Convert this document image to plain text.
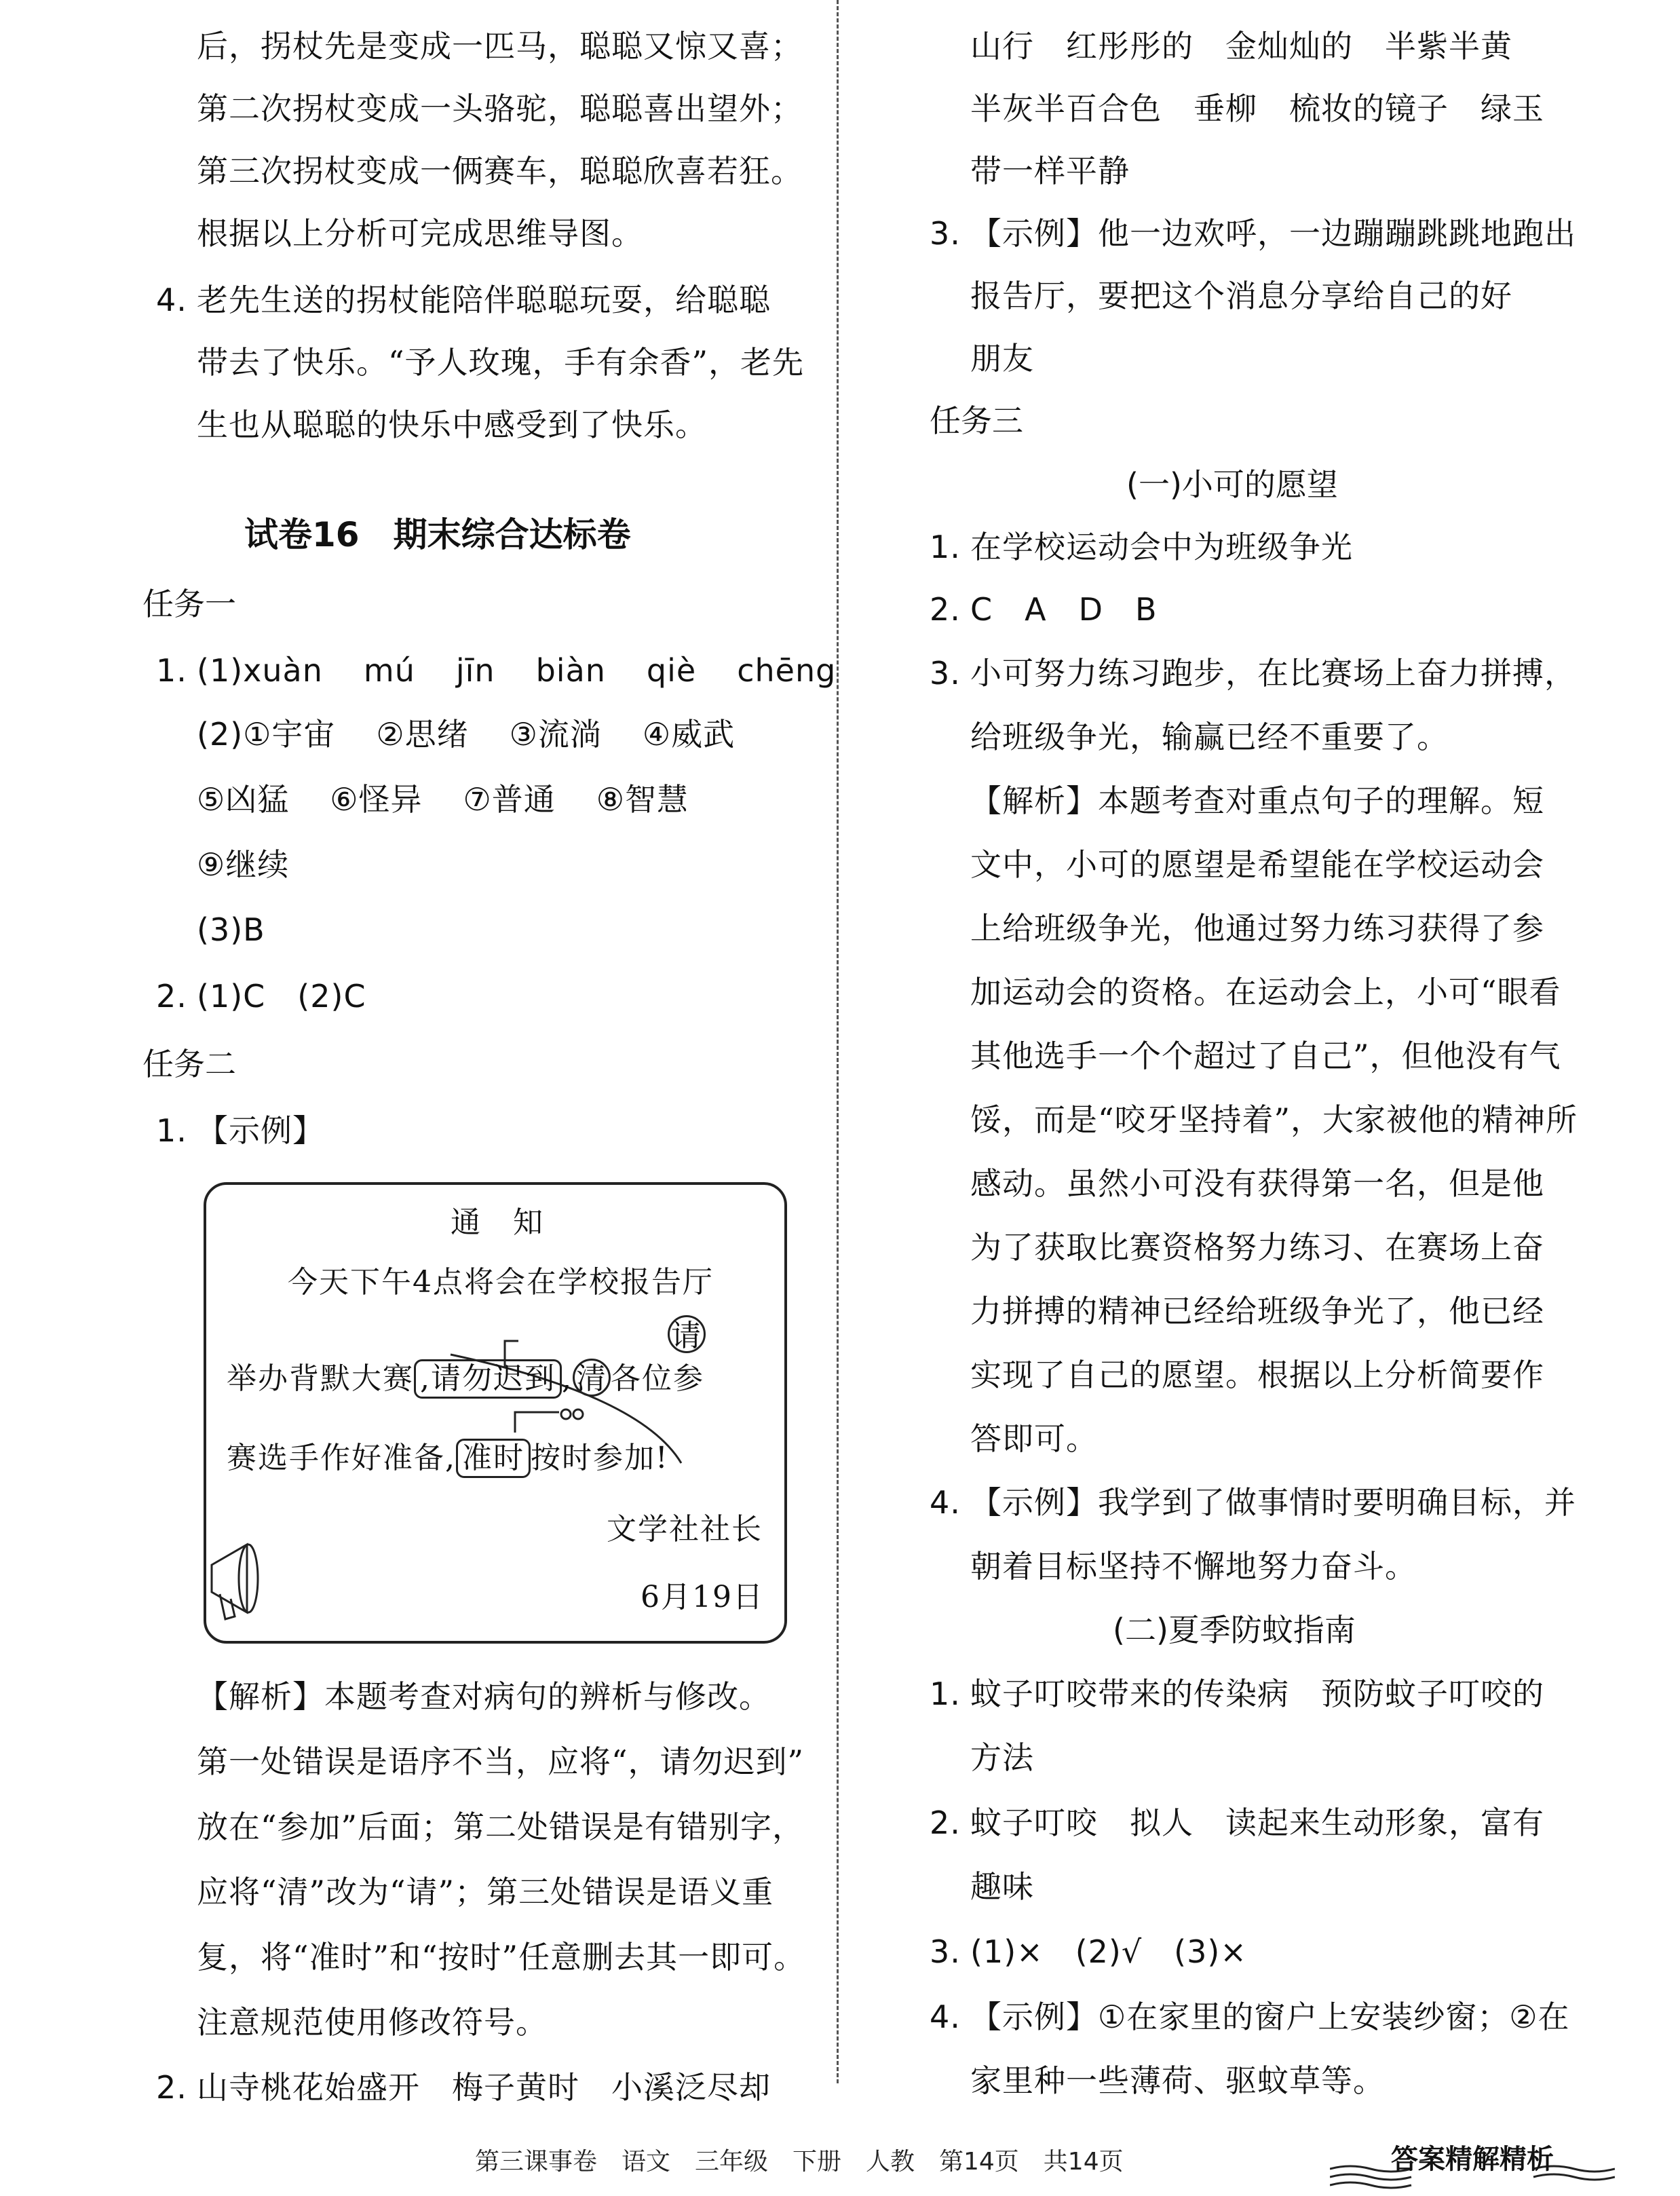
后，拐杖先是变成一匹马，聪聪又惊又喜；
第二次拐杖变成一头骆驼，聪聪喜出望外；
第三次拐杖变成一俩赛车，聪聪欣喜若狂。
根据以上分析可完成思维导图。
4. 老先生送的拐杖能陪伴聪聪玩耍，给聪聪
带去了快乐。“予人玫瑰，手有余香”，老先
生也从聪聪的快乐中感受到了快乐。
试卷16 期末综合达标卷
任务一
1. (1)xuàn mú jīn biàn qiè chēng
(2)①宇宙 ②思绪 ③流淌 ④威武
⑤凶猛 ⑥怪异 ⑦普通 ⑧智慧
⑨继续
(3)B
2. (1)C　(2)C
任务二
1. 【示例】
通　知
今天下午4点将会在学校报告厅
请
举办背默大赛 ,请勿迟到 , 清 各位参
赛选手作好准备, 准时 按时参加!
文学社社长
6月19日
【解析】本题考查对病句的辨析与修改。
第一处错误是语序不当，应将“，请勿迟到”
放在“参加”后面；第二处错误是有错别字，
应将“清”改为“请”；第三处错误是语义重
复，将“准时”和“按时”任意删去其一即可。
注意规范使用修改符号。
2. 山寺桃花始盛开　梅子黄时　小溪泛尽却
山行　红彤彤的　金灿灿的　半紫半黄
半灰半百合色　垂柳　梳妆的镜子　绿玉
带一样平静
3. 【示例】他一边欢呼，一边蹦蹦跳跳地跑出
报告厅，要把这个消息分享给自己的好
朋友
任务三
(一)小可的愿望
1. 在学校运动会中为班级争光
2. C　A　D　B
3. 小可努力练习跑步，在比赛场上奋力拼搏，
给班级争光，输赢已经不重要了。
【解析】本题考查对重点句子的理解。短
文中，小可的愿望是希望能在学校运动会
上给班级争光，他通过努力练习获得了参
加运动会的资格。在运动会上，小可“眼看
其他选手一个个超过了自己”，但他没有气
馁，而是“咬牙坚持着”，大家被他的精神所
感动。虽然小可没有获得第一名，但是他
为了获取比赛资格努力练习、在赛场上奋
力拼搏的精神已经给班级争光了，他已经
实现了自己的愿望。根据以上分析简要作
答即可。
4. 【示例】我学到了做事情时要明确目标，并
朝着目标坚持不懈地努力奋斗。
(二)夏季防蚊指南
1. 蚊子叮咬带来的传染病　预防蚊子叮咬的
方法
2. 蚊子叮咬　拟人　读起来生动形象，富有
趣味
3. (1)×　(2)√　(3)×
4. 【示例】①在家里的窗户上安装纱窗；②在
家里种一些薄荷、驱蚊草等。
第三课事卷　语文　三年级　下册　人教　第14页　共14页	答案精解精析
